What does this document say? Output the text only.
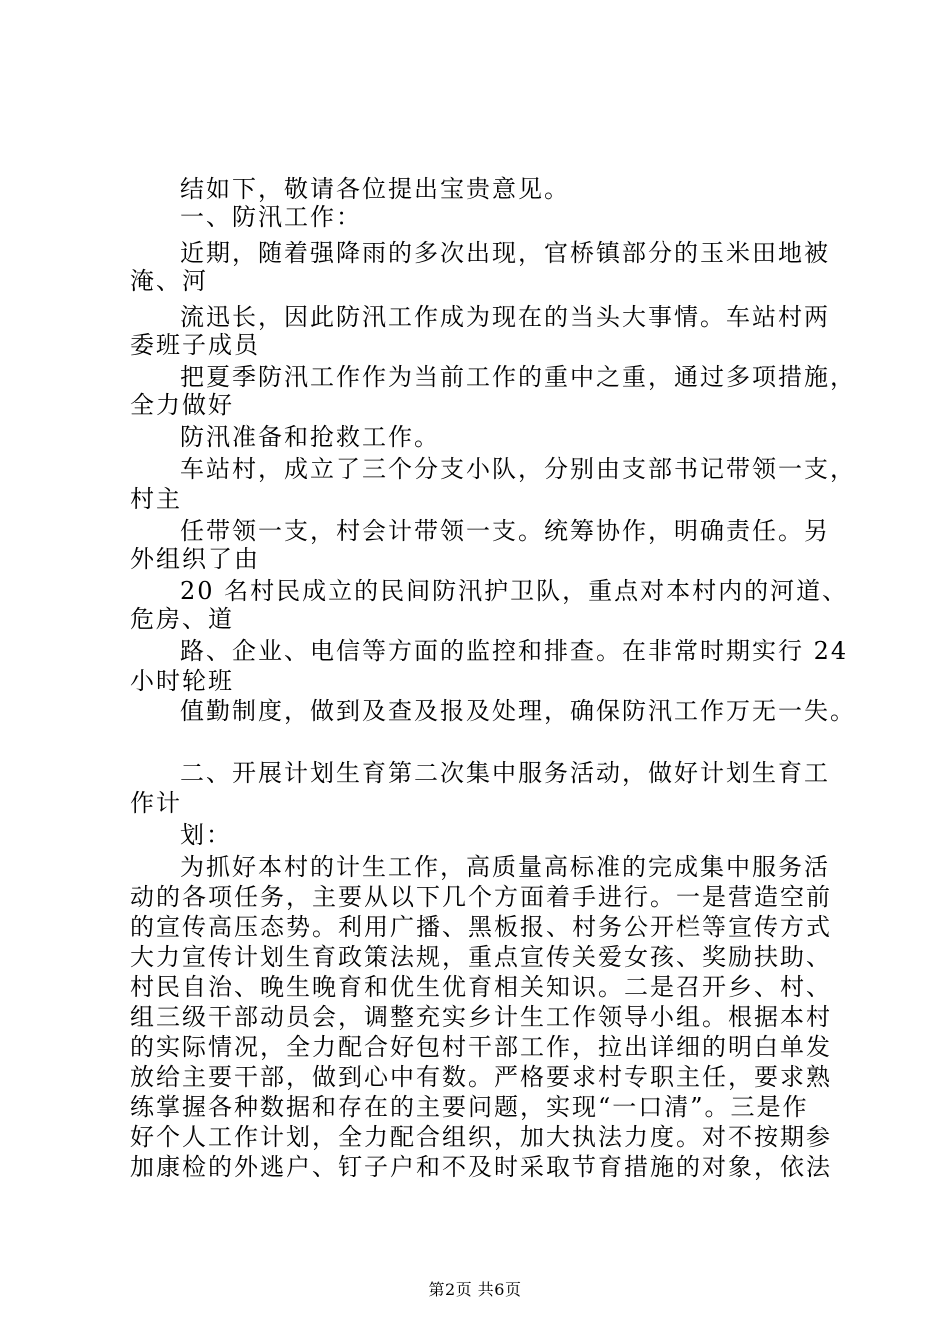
结如下，敬请各位提出宝贵意见。
一、防汛工作：
近期，随着强降雨的多次出现，官桥镇部分的玉米田地被
淹、河
流迅长，因此防汛工作成为现在的当头大事情。车站村两
委班子成员
把夏季防汛工作作为当前工作的重中之重，通过多项措施，
全力做好
防汛准备和抢救工作。
车站村，成立了三个分支小队，分别由支部书记带领一支，
村主
任带领一支，村会计带领一支。统筹协作，明确责任。另
外组织了由
20 名村民成立的民间防汛护卫队，重点对本村内的河道、
危房、道
路、企业、电信等方面的监控和排查。在非常时期实行 24
小时轮班
值勤制度，做到及查及报及处理，确保防汛工作万无一失。
二、开展计划生育第二次集中服务活动，做好计划生育工
作计
划：
为抓好本村的计生工作，高质量高标准的完成集中服务活
动的各项任务，主要从以下几个方面着手进行。一是营造空前
的宣传高压态势。利用广播、黑板报、村务公开栏等宣传方式
大力宣传计划生育政策法规，重点宣传关爱女孩、奖励扶助、
村民自治、晚生晚育和优生优育相关知识。二是召开乡、村、
组三级干部动员会，调整充实乡计生工作领导小组。根据本村
的实际情况，全力配合好包村干部工作，拉出详细的明白单发
放给主要干部，做到心中有数。严格要求村专职主任，要求熟
练掌握各种数据和存在的主要问题，实现“一口清”。三是作
好个人工作计划，全力配合组织，加大执法力度。对不按期参
加康检的外逃户、钉子户和不及时采取节育措施的对象，依法
第2页 共6页
